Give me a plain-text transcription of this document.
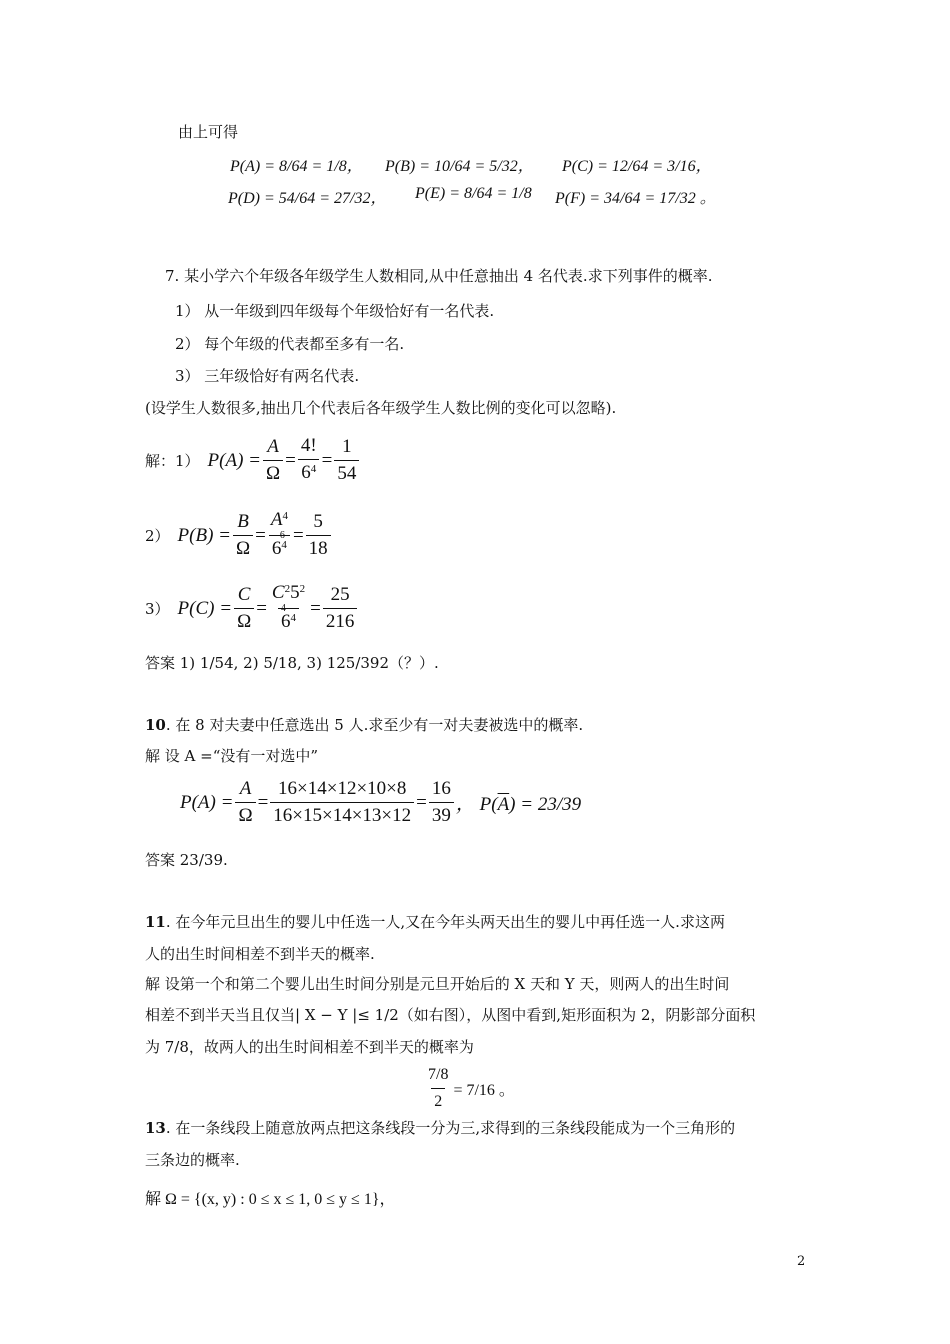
由上可得
P(A) = 8/64 = 1/8， P(B) = 10/64 = 5/32， P(C) = 12/64 = 3/16，
P(D) = 54/64 = 27/32， P(E) = 8/64 = 1/8 P(F) = 34/64 = 17/32 。
7. 某小学六个年级各年级学生人数相同,从中任意抽出 4 名代表.求下列事件的概率.
1） 从一年级到四年级每个年级恰好有一名代表.
2） 每个年级的代表都至多有一名.
3） 三年级恰好有两名代表.
(设学生人数很多,抽出几个代表后各年级学生人数比例的变化可以忽略).
解：1） $P(A) = \frac{A}{\Omega} = \frac{4!}{6^4} = \frac{1}{54}$
2） $P(B) = \frac{B}{\Omega} = A^4$
6
$6^4 = \frac{5}{18}$
3） $P(C) = \frac{C}{\Omega} = C^2$
4
$5^2$
$6^4 = \frac{25}{216}$
答案 1) 1/54, 2) 5/18, 3) 125/392（？）.
10. 在 8 对夫妻中任意选出 5 人.求至少有一对夫妻被选中的概率.
解 设 A =“没有一对选中”
$P(A) = \frac{A}{\Omega} = \frac{16\times 14\times 12\times 10\times 8}{16\times 15\times 14\times 13\times 12} = \frac{16}{39}$ ， $P(\overline{A}) = 23/39$
答案 23/39.
11. 在今年元旦出生的婴儿中任选一人,又在今年头两天出生的婴儿中再任选一人.求这两
人的出生时间相差不到半天的概率.
解 设第一个和第二个婴儿出生时间分别是元旦开始后的 X 天和 Y 天，则两人的出生时间
相差不到半天当且仅当| X − Y |≤ 1/2（如右图），从图中看到,矩形面积为 2，阴影部分面积
为 7/8，故两人的出生时间相差不到半天的概率为
$\frac{7/8}{2} = 7/16$ 。
13. 在一条线段上随意放两点把这条线段一分为三,求得到的三条线段能成为一个三角形的
三条边的概率.
解 Ω = {(x, y) : 0 ≤ x ≤ 1, 0 ≤ y ≤ 1}，
2
